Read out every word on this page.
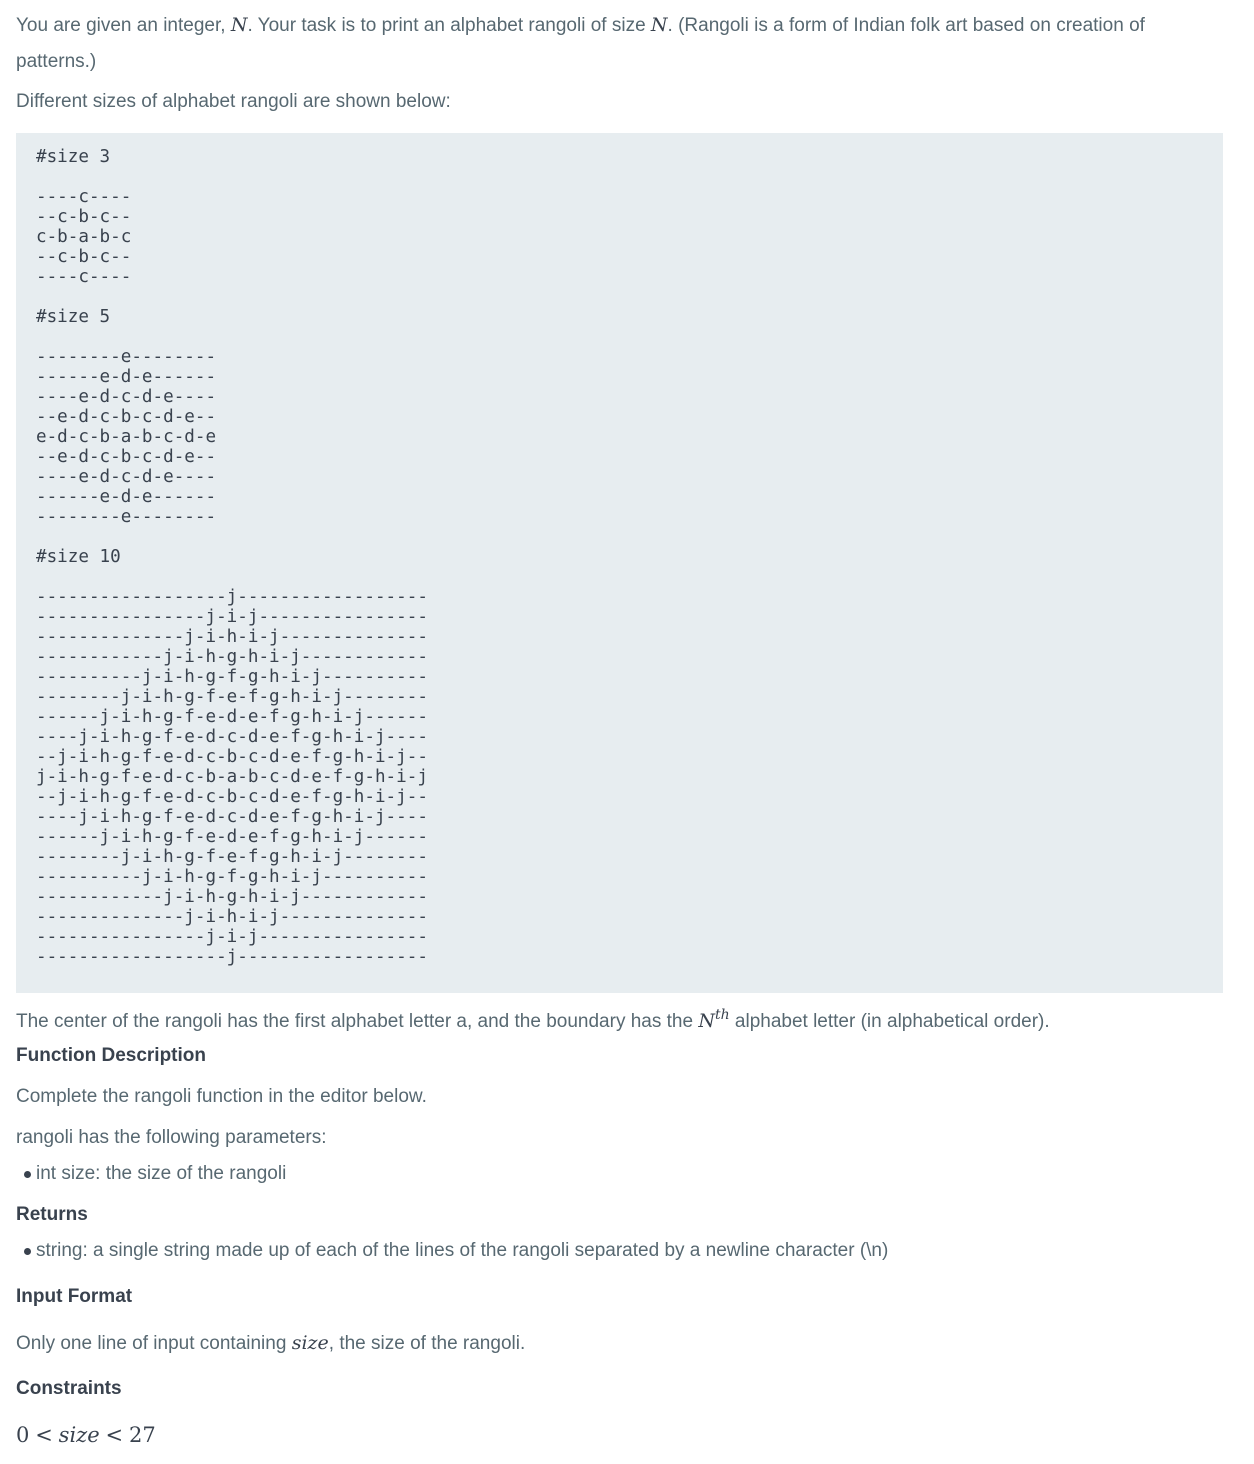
You are given an integer, N. Your task is to print an alphabet rangoli of size N. (Rangoli is a form of Indian folk art based on creation of patterns.)

Different sizes of alphabet rangoli are shown below:

#size 3
----c----
--c-b-c--
c-b-a-b-c
--c-b-c--
----c----
#size 5
--------e--------
------e-d-e------
----e-d-c-d-e----
--e-d-c-b-c-d-e--
e-d-c-b-a-b-c-d-e
--e-d-c-b-c-d-e--
----e-d-c-d-e----
------e-d-e------
--------e--------
#size 10
------------------j------------------
----------------j-i-j----------------
--------------j-i-h-i-j--------------
------------j-i-h-g-h-i-j------------
----------j-i-h-g-f-g-h-i-j----------
--------j-i-h-g-f-e-f-g-h-i-j--------
------j-i-h-g-f-e-d-e-f-g-h-i-j------
----j-i-h-g-f-e-d-c-d-e-f-g-h-i-j----
--j-i-h-g-f-e-d-c-b-c-d-e-f-g-h-i-j--
j-i-h-g-f-e-d-c-b-a-b-c-d-e-f-g-h-i-j
--j-i-h-g-f-e-d-c-b-c-d-e-f-g-h-i-j--
----j-i-h-g-f-e-d-c-d-e-f-g-h-i-j----
------j-i-h-g-f-e-d-e-f-g-h-i-j------
--------j-i-h-g-f-e-f-g-h-i-j--------
----------j-i-h-g-f-g-h-i-j----------
------------j-i-h-g-h-i-j------------
--------------j-i-h-i-j--------------
----------------j-i-j----------------
------------------j------------------

The center of the rangoli has the first alphabet letter a, and the boundary has the $N^{th}$ alphabet letter (in alphabetical order).

Function Description

Complete the rangoli function in the editor below.

rangoli has the following parameters:

int size: the size of the rangoli
Returns
string: a single string made up of each of the lines of the rangoli separated by a newline character (\n)
Input Format

Only one line of input containing size, the size of the rangoli.

Constraints
0 < size < 27
